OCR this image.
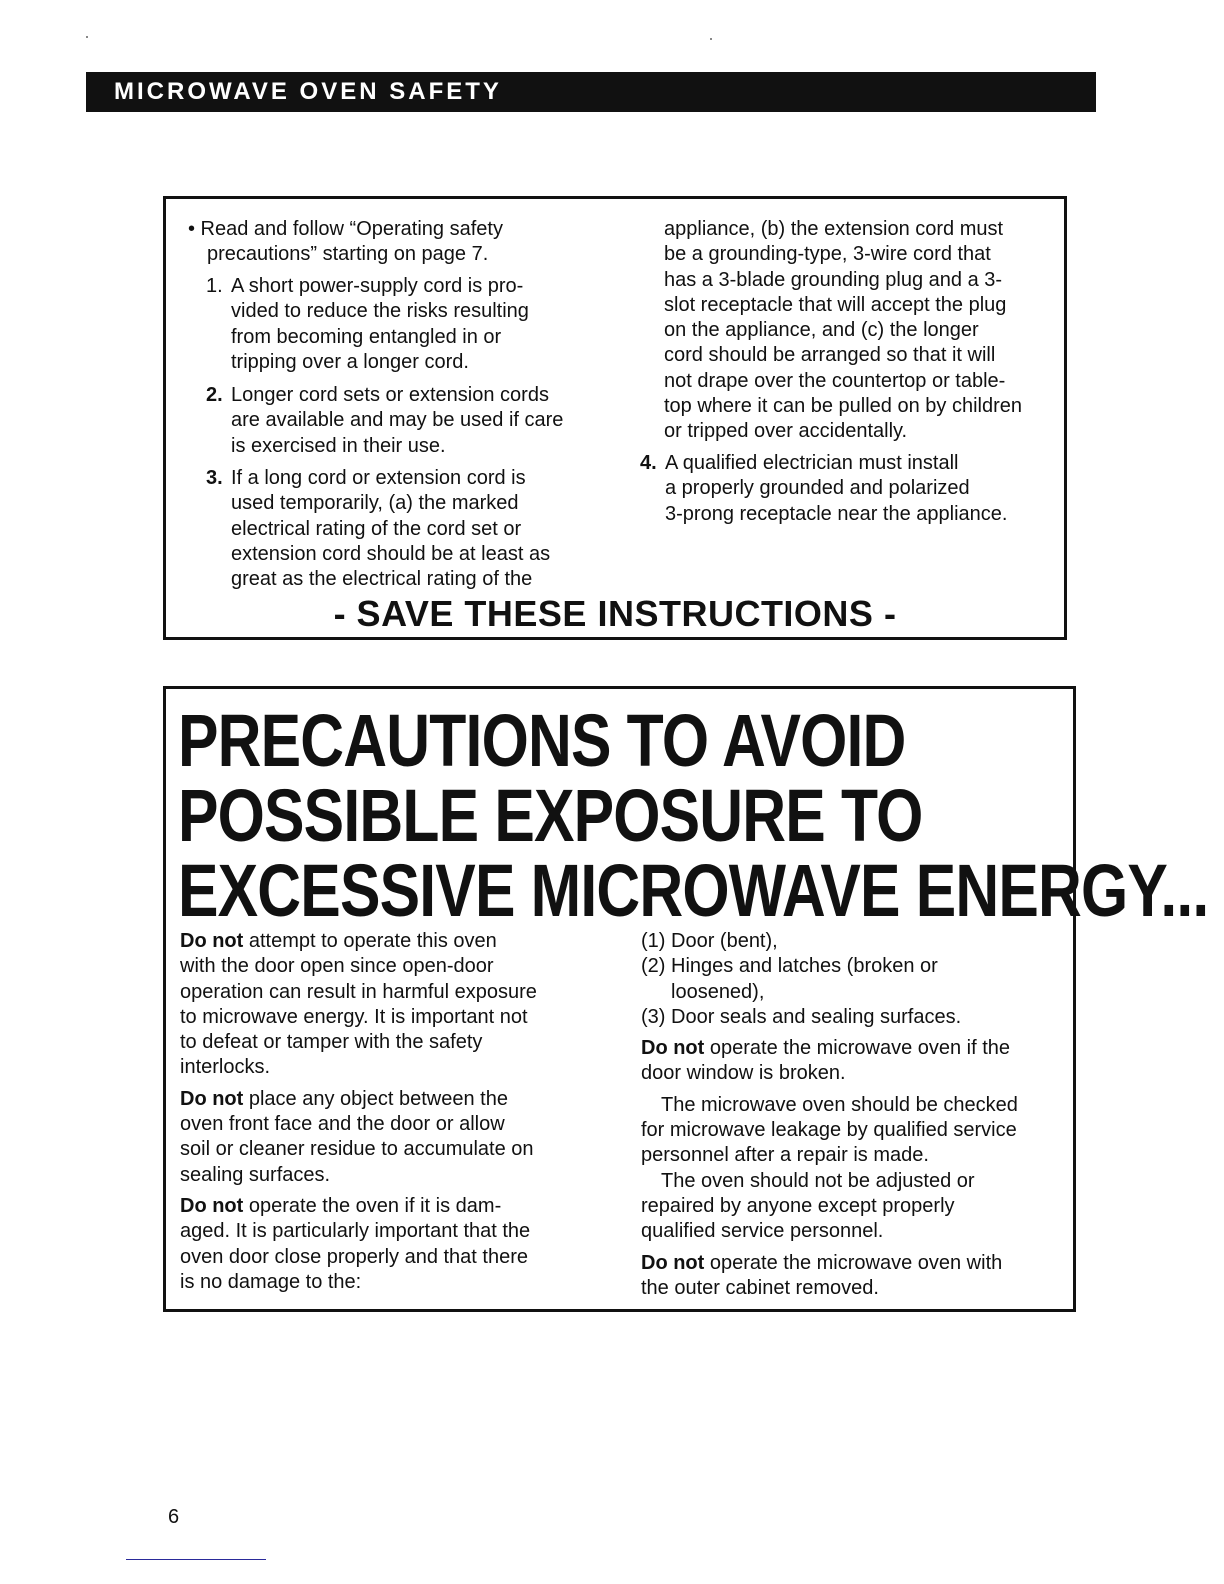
MICROWAVE OVEN SAFETY

• Read and follow “Operating safety

precautions” starting on page 7.

1. A short power-supply cord is pro-

vided to reduce the risks resulting

from becoming entangled in or

tripping over a longer cord.

2. Longer cord sets or extension cords

are available and may be used if care

is exercised in their use.

3. If a long cord or extension cord is

used temporarily, (a) the marked

electrical rating of the cord set or

extension cord should be at least as

great as the electrical rating of the

appliance, (b) the extension cord must

be a grounding-type, 3-wire cord that

has a 3-blade grounding plug and a 3-

slot receptacle that will accept the plug

on the appliance, and (c) the longer

cord should be arranged so that it will

not drape over the countertop or table-

top where it can be pulled on by children

or tripped over accidentally.

4. A qualified electrician must install

a properly grounded and polarized

3-prong receptacle near the appliance.

- SAVE THESE INSTRUCTIONS -
PRECAUTIONS TO AVOID
POSSIBLE EXPOSURE TO
EXCESSIVE MICROWAVE ENERGY...
Do not attempt to operate this oven

with the door open since open-door

operation can result in harmful exposure

to microwave energy. It is important not

to defeat or tamper with the safety

interlocks.

Do not place any object between the

oven front face and the door or allow

soil or cleaner residue to accumulate on

sealing surfaces.

Do not operate the oven if it is dam-

aged. It is particularly important that the

oven door close properly and that there

is no damage to the:

(1) Door (bent),

(2) Hinges and latches (broken or

loosened),

(3) Door seals and sealing surfaces.

Do not operate the microwave oven if the

door window is broken.

The microwave oven should be checked

for microwave leakage by qualified service

personnel after a repair is made.

The oven should not be adjusted or

repaired by anyone except properly

qualified service personnel.

Do not operate the microwave oven with

the outer cabinet removed.

6
